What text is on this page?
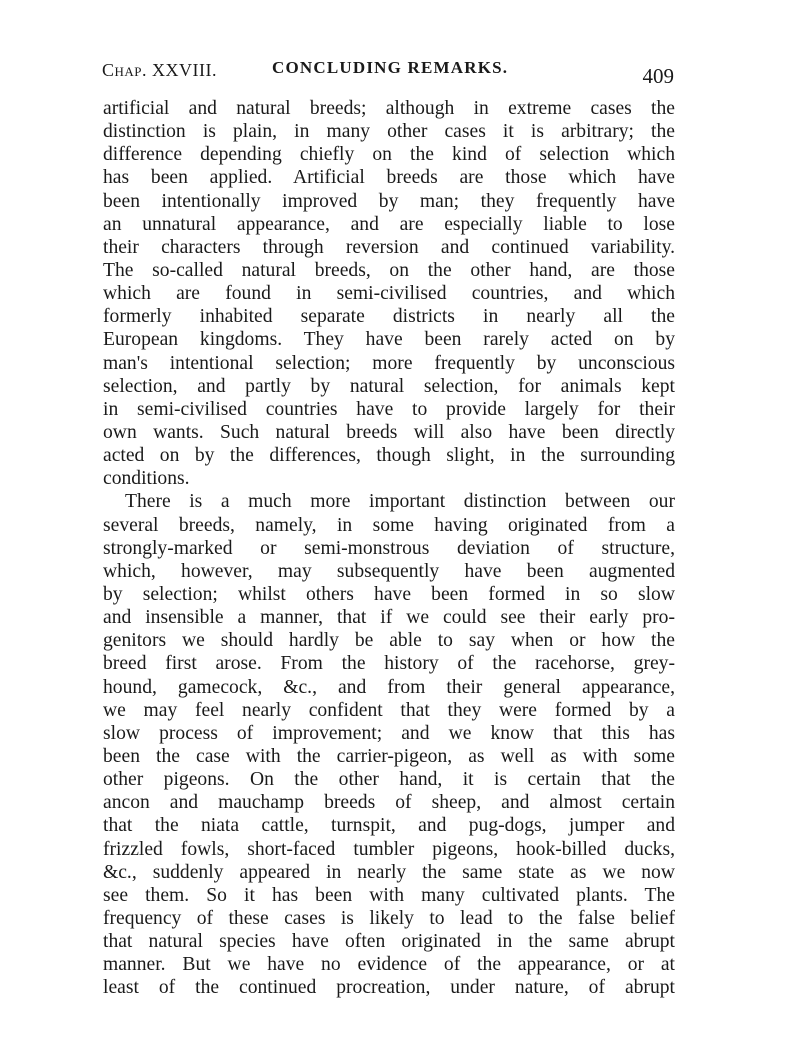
Chap. XXVIII.	CONCLUDING REMARKS.	409
artificial and natural breeds; although in extreme cases the
distinction is plain, in many other cases it is arbitrary; the
difference depending chiefly on the kind of selection which
has been applied. Artificial breeds are those which have
been intentionally improved by man; they frequently have
an unnatural appearance, and are especially liable to lose
their characters through reversion and continued variability.
The so-called natural breeds, on the other hand, are those
which are found in semi-civilised countries, and which
formerly inhabited separate districts in nearly all the
European kingdoms. They have been rarely acted on by
man's intentional selection; more frequently by unconscious
selection, and partly by natural selection, for animals kept
in semi-civilised countries have to provide largely for their
own wants. Such natural breeds will also have been directly
acted on by the differences, though slight, in the surrounding
conditions.
There is a much more important distinction between our
several breeds, namely, in some having originated from a
strongly-marked or semi-monstrous deviation of structure,
which, however, may subsequently have been augmented
by selection; whilst others have been formed in so slow
and insensible a manner, that if we could see their early pro-
genitors we should hardly be able to say when or how the
breed first arose. From the history of the racehorse, grey-
hound, gamecock, &c., and from their general appearance,
we may feel nearly confident that they were formed by a
slow process of improvement; and we know that this has
been the case with the carrier-pigeon, as well as with some
other pigeons. On the other hand, it is certain that the
ancon and mauchamp breeds of sheep, and almost certain
that the niata cattle, turnspit, and pug-dogs, jumper and
frizzled fowls, short-faced tumbler pigeons, hook-billed ducks,
&c., suddenly appeared in nearly the same state as we now
see them. So it has been with many cultivated plants. The
frequency of these cases is likely to lead to the false belief
that natural species have often originated in the same abrupt
manner. But we have no evidence of the appearance, or at
least of the continued procreation, under nature, of abrupt
